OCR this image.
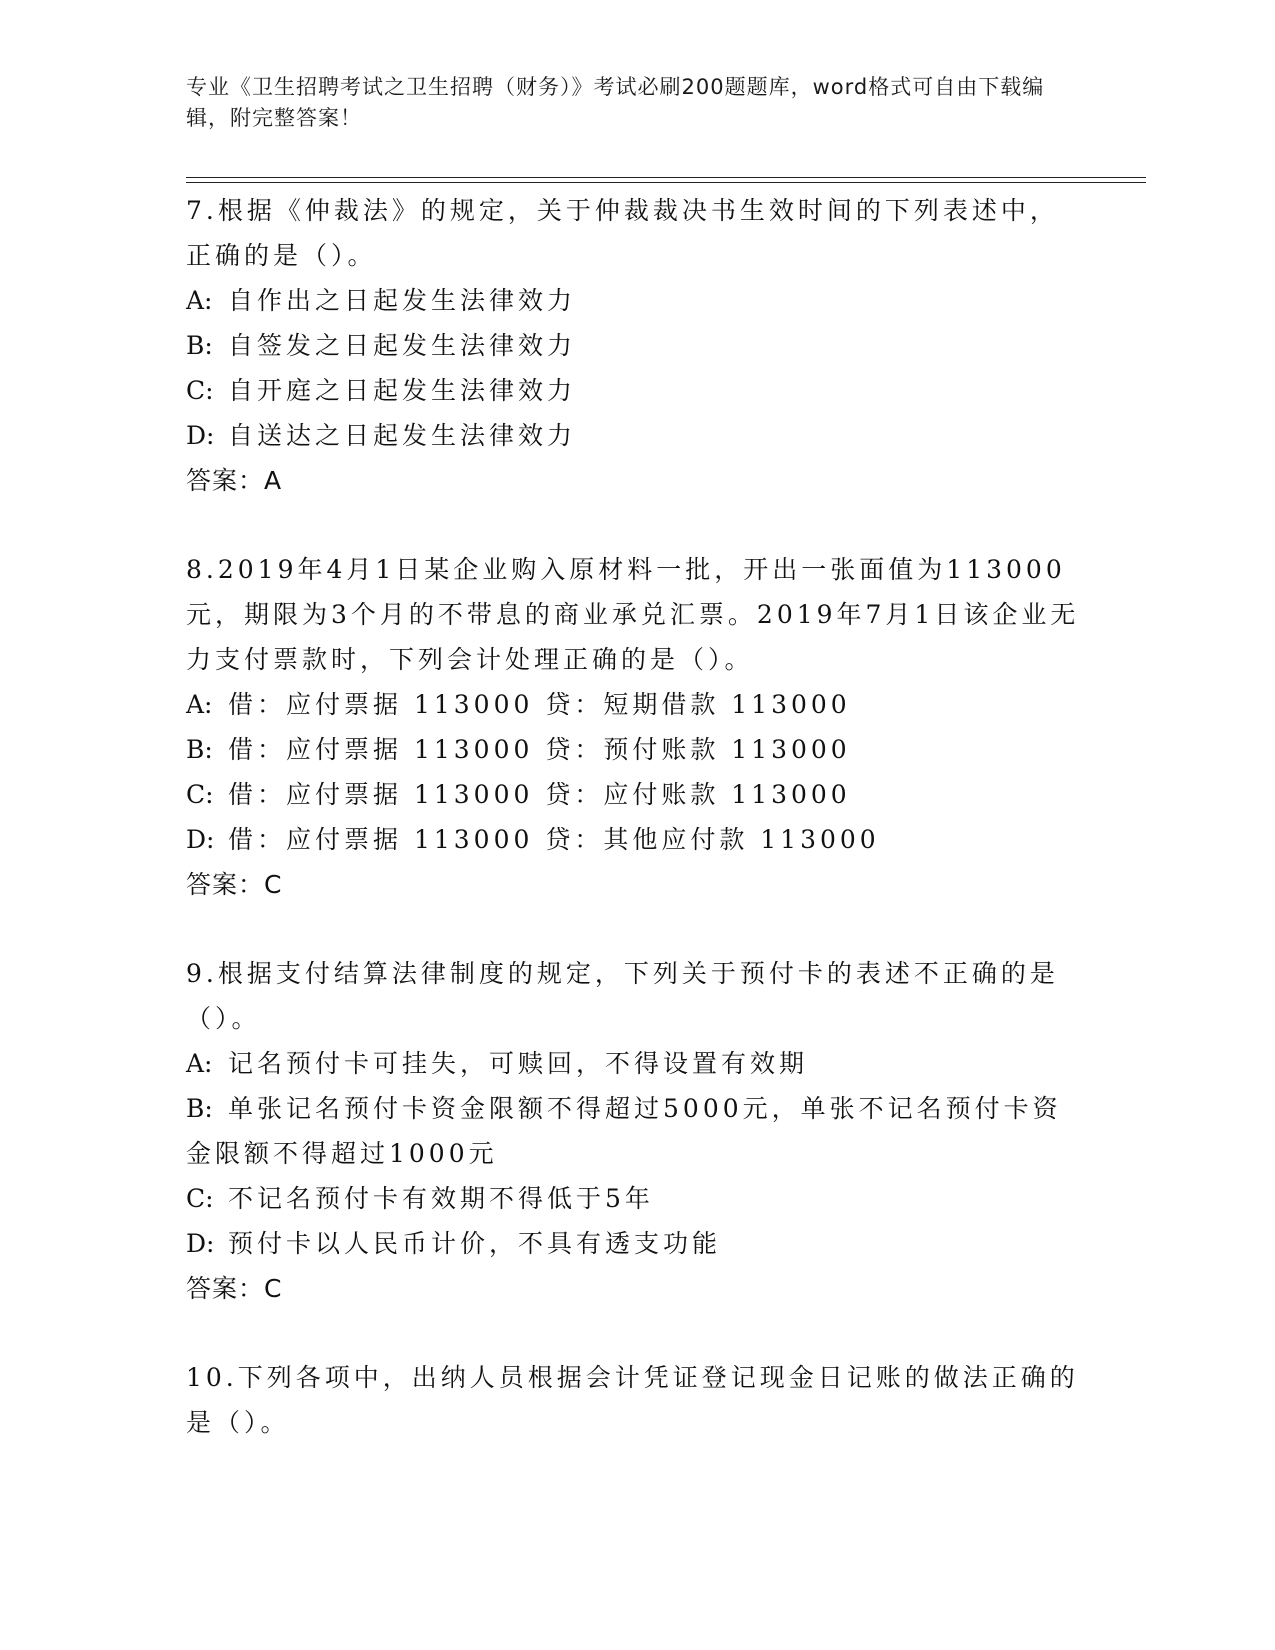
专业《卫生招聘考试之卫生招聘（财务）》考试必刷200题题库，word格式可自由下载编辑，附完整答案！

7.根据《仲裁法》的规定，关于仲裁裁决书生效时间的下列表述中，正确的是（）。

A: 自作出之日起发生法律效力

B: 自签发之日起发生法律效力

C: 自开庭之日起发生法律效力

D: 自送达之日起发生法律效力

答案：A

8.2019年4月1日某企业购入原材料一批，开出一张面值为113000元，期限为3个月的不带息的商业承兑汇票。2019年7月1日该企业无力支付票款时，下列会计处理正确的是（）。

A: 借：应付票据 113000 贷：短期借款 113000

B: 借：应付票据 113000 贷：预付账款 113000

C: 借：应付票据 113000 贷：应付账款 113000

D: 借：应付票据 113000 贷：其他应付款 113000

答案：C

9.根据支付结算法律制度的规定，下列关于预付卡的表述不正确的是（）。

A: 记名预付卡可挂失，可赎回，不得设置有效期

B: 单张记名预付卡资金限额不得超过5000元，单张不记名预付卡资金限额不得超过1000元

C: 不记名预付卡有效期不得低于5年

D: 预付卡以人民币计价，不具有透支功能

答案：C

10.下列各项中，出纳人员根据会计凭证登记现金日记账的做法正确的是（）。
